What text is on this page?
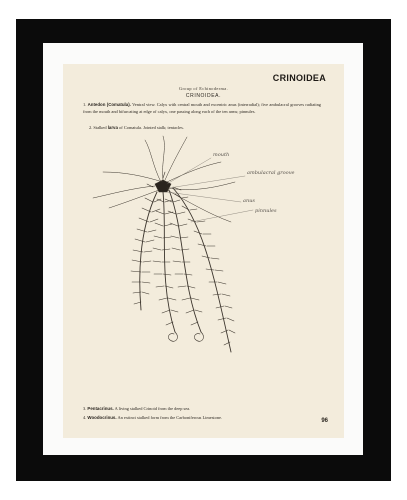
CRINOIDEA
Group of Echinoderma.
CRINOIDEA.
1. Antedon (Comatula). Ventral view. Calyx with central mouth and excentric anus (interradial); five ambulacral grooves radiating from the mouth and bifurcating at edge of calyx, one passing along each of the ten arms; pinnules.
2. Stalked larva of Comatula. Jointed stalk; tentacles.
mouth
ambulacral groove
anus
pinnules
3. Pentacrinus. A living stalked Crinoid from the deep sea.
4. Woodocrinus. An extinct stalked form from the Carboniferous Limestone.
96
